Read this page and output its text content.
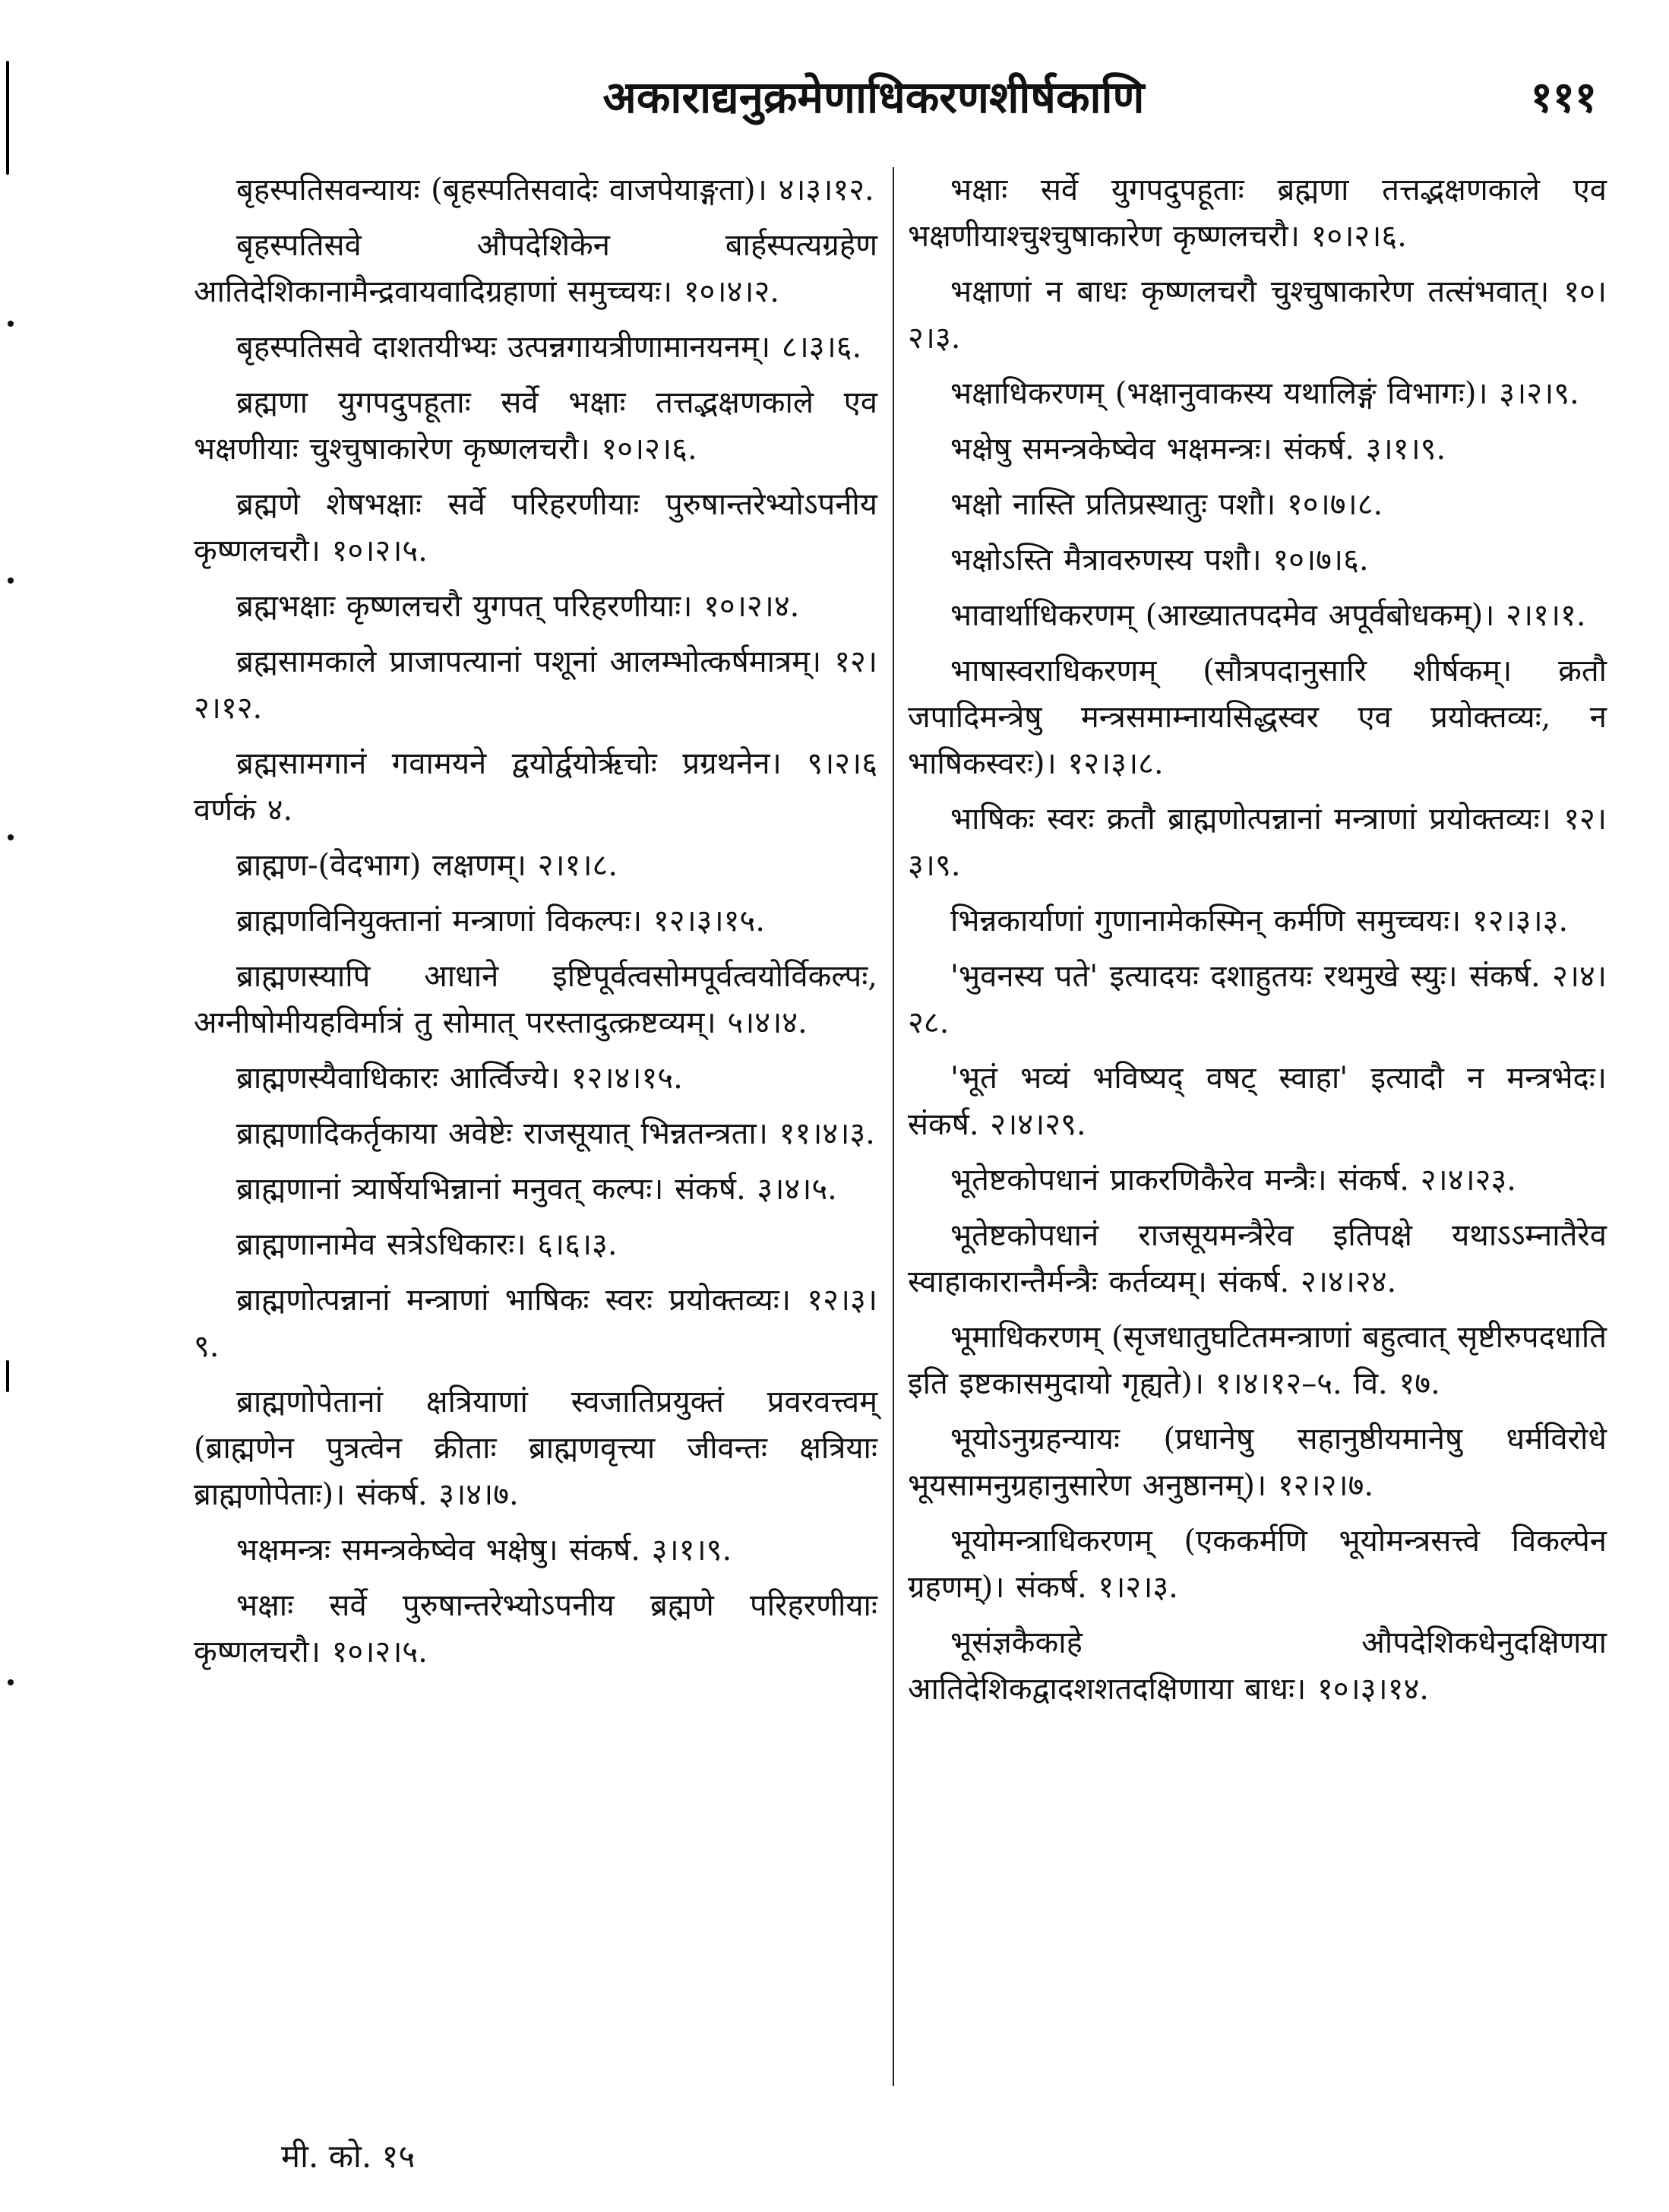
अकाराद्यनुक्रमेणाधिकरणशीर्षकाणि	१११

बृहस्पतिसवन्यायः (बृहस्पतिसवादेः वाजपेयाङ्गता)। ४।३।१२.

बृहस्पतिसवे औपदेशिकेन बार्हस्पत्यग्रहेण आतिदेशिकानामैन्द्रवायवादिग्रहाणां समुच्चयः। १०।४।२.

बृहस्पतिसवे दाशतयीभ्यः उत्पन्नगायत्रीणामानयनम्। ८।३।६.

ब्रह्मणा युगपदुपहूताः सर्वे भक्षाः तत्तद्भक्षणकाले एव भक्षणीयाः चुश्चुषाकारेण कृष्णलचरौ। १०।२।६.

ब्रह्मणे शेषभक्षाः सर्वे परिहरणीयाः पुरुषान्तरेभ्योऽपनीय कृष्णलचरौ। १०।२।५.

ब्रह्मभक्षाः कृष्णलचरौ युगपत् परिहरणीयाः। १०।२।४.

ब्रह्मसामकाले प्राजापत्यानां पशूनां आलम्भोत्कर्षमात्रम्। १२।२।१२.

ब्रह्मसामगानं गवामयने द्वयोर्द्वयोर्ऋचोः प्रग्रथनेन। ९।२।६ वर्णकं ४.

ब्राह्मण-(वेदभाग) लक्षणम्। २।१।८.

ब्राह्मणविनियुक्तानां मन्त्राणां विकल्पः। १२।३।१५.

ब्राह्मणस्यापि आधाने इष्टिपूर्वत्वसोमपूर्वत्वयोर्विकल्पः, अग्नीषोमीयहविर्मात्रं तु सोमात् परस्तादुत्क्रष्टव्यम्। ५।४।४.

ब्राह्मणस्यैवाधिकारः आर्त्विज्ये। १२।४।१५.

ब्राह्मणादिकर्तृकाया अवेष्टेः राजसूयात् भिन्नतन्त्रता। ११।४।३.

ब्राह्मणानां त्र्यार्षेयभिन्नानां मनुवत् कल्पः। संकर्ष. ३।४।५.

ब्राह्मणानामेव सत्रेऽधिकारः। ६।६।३.

ब्राह्मणोत्पन्नानां मन्त्राणां भाषिकः स्वरः प्रयोक्तव्यः। १२।३।९.

ब्राह्मणोपेतानां क्षत्रियाणां स्वजातिप्रयुक्तं प्रवरवत्त्वम् (ब्राह्मणेन पुत्रत्वेन क्रीताः ब्राह्मणवृत्त्या जीवन्तः क्षत्रियाः ब्राह्मणोपेताः)। संकर्ष. ३।४।७.

भक्षमन्त्रः समन्त्रकेष्वेव भक्षेषु। संकर्ष. ३।१।९.

भक्षाः सर्वे पुरुषान्तरेभ्योऽपनीय ब्रह्मणे परिहरणीयाः कृष्णलचरौ। १०।२।५.

भक्षाः सर्वे युगपदुपहूताः ब्रह्मणा तत्तद्भक्षणकाले एव भक्षणीयाश्चुश्चुषाकारेण कृष्णलचरौ। १०।२।६.

भक्षाणां न बाधः कृष्णलचरौ चुश्चुषाकारेण तत्संभवात्। १०।२।३.

भक्षाधिकरणम् (भक्षानुवाकस्य यथालिङ्गं विभागः)। ३।२।९.

भक्षेषु समन्त्रकेष्वेव भक्षमन्त्रः। संकर्ष. ३।१।९.

भक्षो नास्ति प्रतिप्रस्थातुः पशौ। १०।७।८.

भक्षोऽस्ति मैत्रावरुणस्य पशौ। १०।७।६.

भावार्थाधिकरणम् (आख्यातपदमेव अपूर्वबोधकम्)। २।१।१.

भाषास्वराधिकरणम् (सौत्रपदानुसारि शीर्षकम्। क्रतौ जपादिमन्त्रेषु मन्त्रसमाम्नायसिद्धस्वर एव प्रयोक्तव्यः, न भाषिकस्वरः)। १२।३।८.

भाषिकः स्वरः क्रतौ ब्राह्मणोत्पन्नानां मन्त्राणां प्रयोक्तव्यः। १२।३।९.

भिन्नकार्याणां गुणानामेकस्मिन् कर्मणि समुच्चयः। १२।३।३.

'भुवनस्य पते' इत्यादयः दशाहुतयः रथमुखे स्युः। संकर्ष. २।४।२८.

'भूतं भव्यं भविष्यद् वषट् स्वाहा' इत्यादौ न मन्त्रभेदः। संकर्ष. २।४।२९.

भूतेष्टकोपधानं प्राकरणिकैरेव मन्त्रैः। संकर्ष. २।४।२३.

भूतेष्टकोपधानं राजसूयमन्त्रैरेव इतिपक्षे यथाऽऽम्नातैरेव स्वाहाकारान्तैर्मन्त्रैः कर्तव्यम्। संकर्ष. २।४।२४.

भूमाधिकरणम् (सृजधातुघटितमन्त्राणां बहुत्वात् सृष्टीरुपदधाति इति इष्टकासमुदायो गृह्यते)। १।४।१२–५. वि. १७.

भूयोऽनुग्रहन्यायः (प्रधानेषु सहानुष्ठीयमानेषु धर्मविरोधे भूयसामनुग्रहानुसारेण अनुष्ठानम्)। १२।२।७.

भूयोमन्त्राधिकरणम् (एककर्मणि भूयोमन्त्रसत्त्वे विकल्पेन ग्रहणम्)। संकर्ष. १।२।३.

भूसंज्ञकैकाहे औपदेशिकधेनुदक्षिणया आतिदेशिकद्वादशशतदक्षिणाया बाधः। १०।३।१४.

मी. को. १५
